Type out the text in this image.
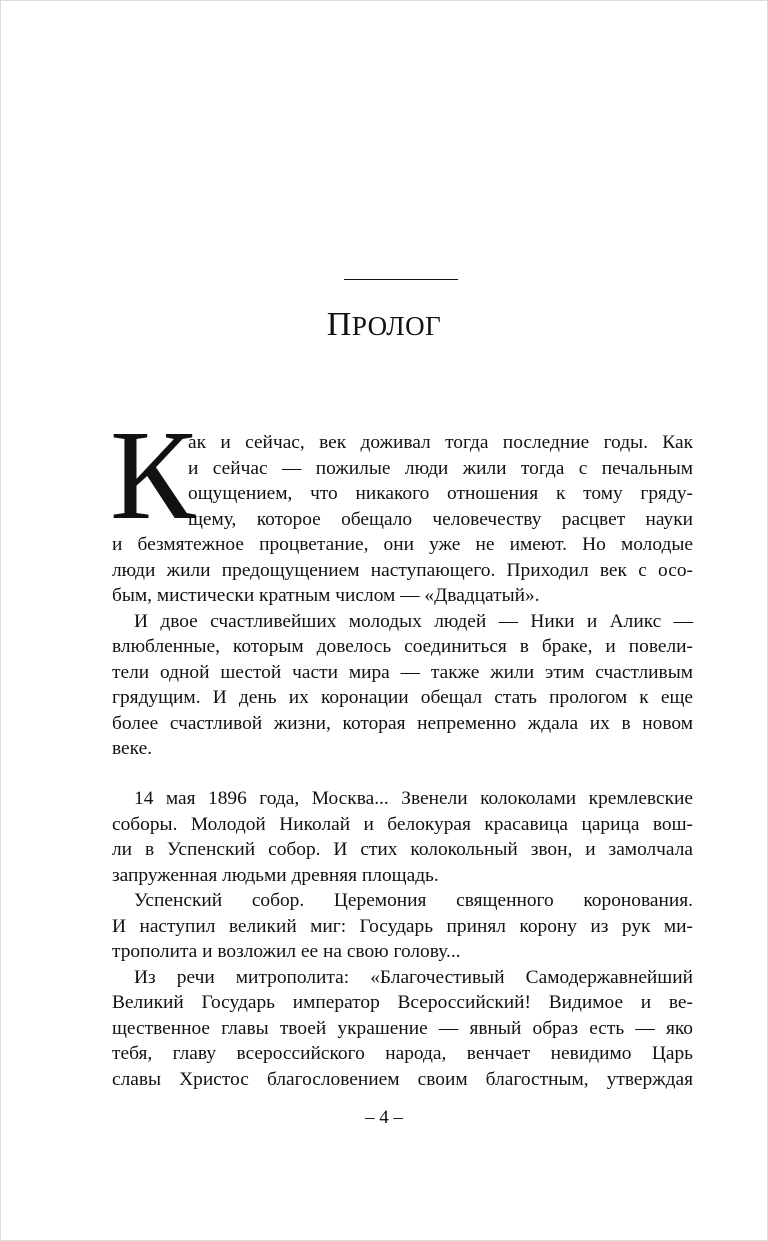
ПРОЛОГ
К
ак и сейчас, век доживал тогда последние годы. Как
и сейчас — пожилые люди жили тогда с печальным
ощущением, что никакого отношения к тому гряду-
щему, которое обещало человечеству расцвет науки
и безмятежное процветание, они уже не имеют. Но молодые
люди жили предощущением наступающего. Приходил век с осо-
бым, мистически кратным числом — «Двадцатый».
И двое счастливейших молодых людей — Ники и Аликс —
влюбленные, которым довелось соединиться в браке, и повели-
тели одной шестой части мира — также жили этим счастливым
грядущим. И день их коронации обещал стать прологом к еще
более счастливой жизни, которая непременно ждала их в новом
веке.
14 мая 1896 года, Москва... Звенели колоколами кремлевские
соборы. Молодой Николай и белокурая красавица царица вош-
ли в Успенский собор. И стих колокольный звон, и замолчала
запруженная людьми древняя площадь.
Успенский собор. Церемония священного коронования.
И наступил великий миг: Государь принял корону из рук ми-
трополита и возложил ее на свою голову...
Из речи митрополита: «Благочестивый Самодержавнейший
Великий Государь император Всероссийский! Видимое и ве-
щественное главы твоей украшение — явный образ есть — яко
тебя, главу всероссийского народа, венчает невидимо Царь
славы Христос благословением своим благостным, утверждая
– 4 –
